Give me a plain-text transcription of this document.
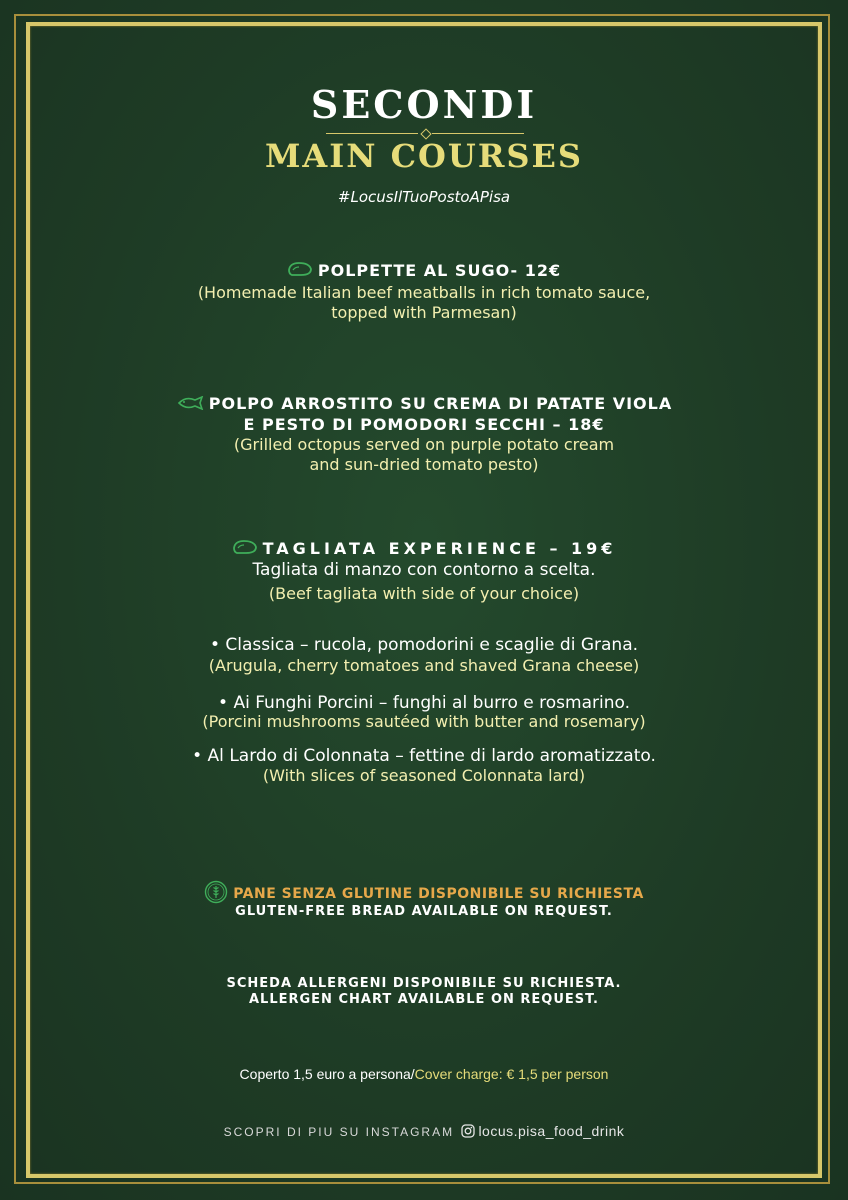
SECONDI
MAIN COURSES
#LocusIlTuoPostoAPisa
POLPETTE AL SUGO- 12€
(Homemade Italian beef meatballs in rich tomato sauce,
topped with Parmesan)
POLPO ARROSTITO SU CREMA DI PATATE VIOLA
E PESTO DI POMODORI SECCHI – 18€
(Grilled octopus served on purple potato cream
and sun-dried tomato pesto)
TAGLIATA EXPERIENCE – 19€
Tagliata di manzo con contorno a scelta.
(Beef tagliata with side of your choice)
• Classica – rucola, pomodorini e scaglie di Grana.
(Arugula, cherry tomatoes and shaved Grana cheese)
• Ai Funghi Porcini – funghi al burro e rosmarino.
(Porcini mushrooms sautéed with butter and rosemary)
• Al Lardo di Colonnata – fettine di lardo aromatizzato.
(With slices of seasoned Colonnata lard)
PANE SENZA GLUTINE DISPONIBILE SU RICHIESTA
GLUTEN-FREE BREAD AVAILABLE ON REQUEST.
SCHEDA ALLERGENI DISPONIBILE SU RICHIESTA.
ALLERGEN CHART AVAILABLE ON REQUEST.
Coperto 1,5 euro a persona/Cover charge: € 1,5 per person
SCOPRI DI PIU SU INSTAGRAM locus.pisa_food_drink
